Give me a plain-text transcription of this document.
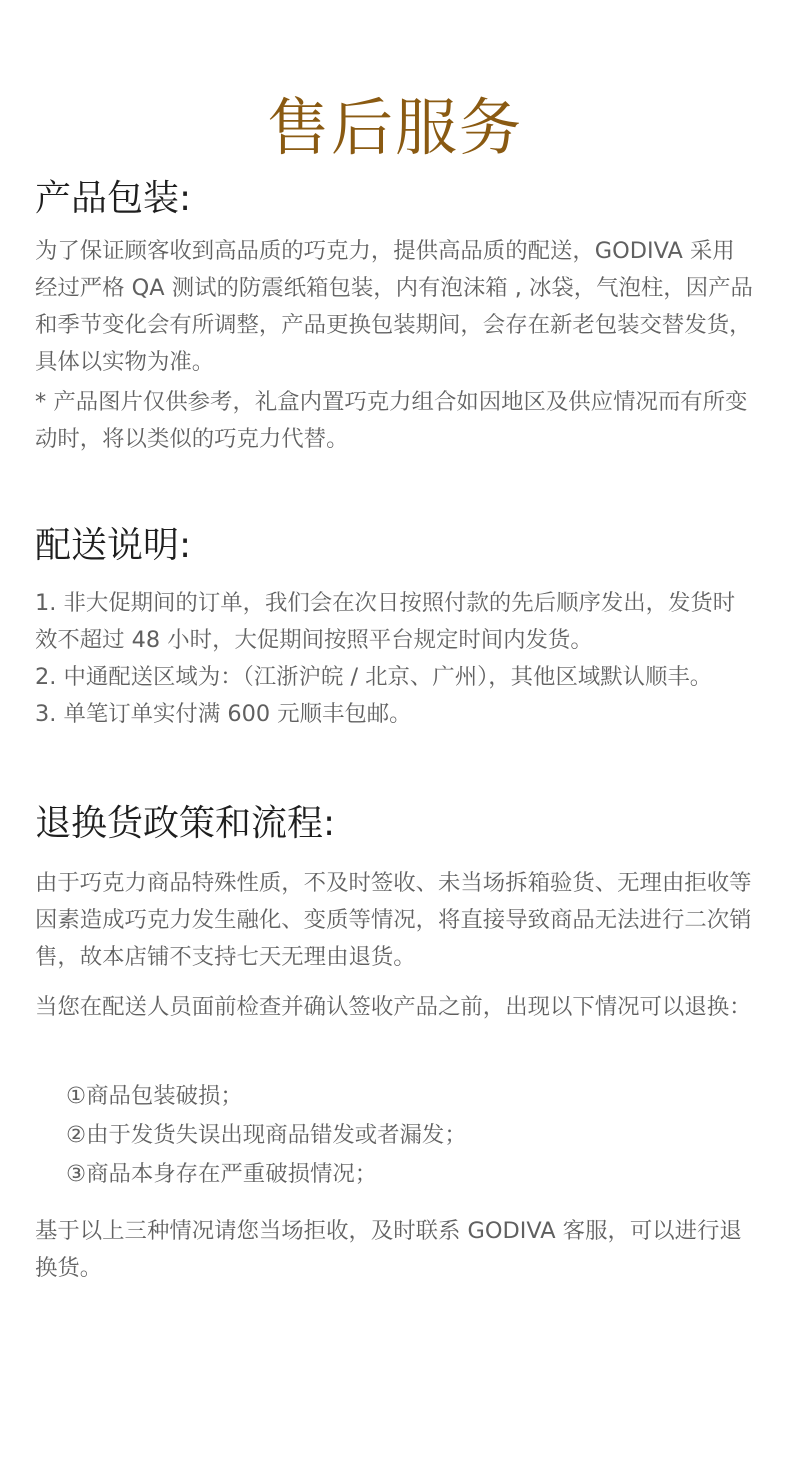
售后服务
产品包装:

为了保证顾客收到高品质的巧克力，提供高品质的配送，GODIVA 采用经过严格 QA 测试的防震纸箱包装，内有泡沫箱 , 冰袋，气泡柱，因产品和季节变化会有所调整，产品更换包装期间，会存在新老包装交替发货，具体以实物为准。

* 产品图片仅供参考，礼盒内置巧克力组合如因地区及供应情况而有所变动时，将以类似的巧克力代替。

配送说明:
1. 非大促期间的订单，我们会在次日按照付款的先后顺序发出，发货时效不超过 48 小时，大促期间按照平台规定时间内发货。
2. 中通配送区域为：（江浙沪皖 / 北京、广州），其他区域默认顺丰。
3. 单笔订单实付满 600 元顺丰包邮。
退换货政策和流程:

由于巧克力商品特殊性质，不及时签收、未当场拆箱验货、无理由拒收等因素造成巧克力发生融化、变质等情况，将直接导致商品无法进行二次销售，故本店铺不支持七天无理由退货。

当您在配送人员面前检查并确认签收产品之前，出现以下情况可以退换：

①商品包装破损；
②由于发货失误出现商品错发或者漏发；
③商品本身存在严重破损情况；

基于以上三种情况请您当场拒收，及时联系 GODIVA 客服，可以进行退换货。
